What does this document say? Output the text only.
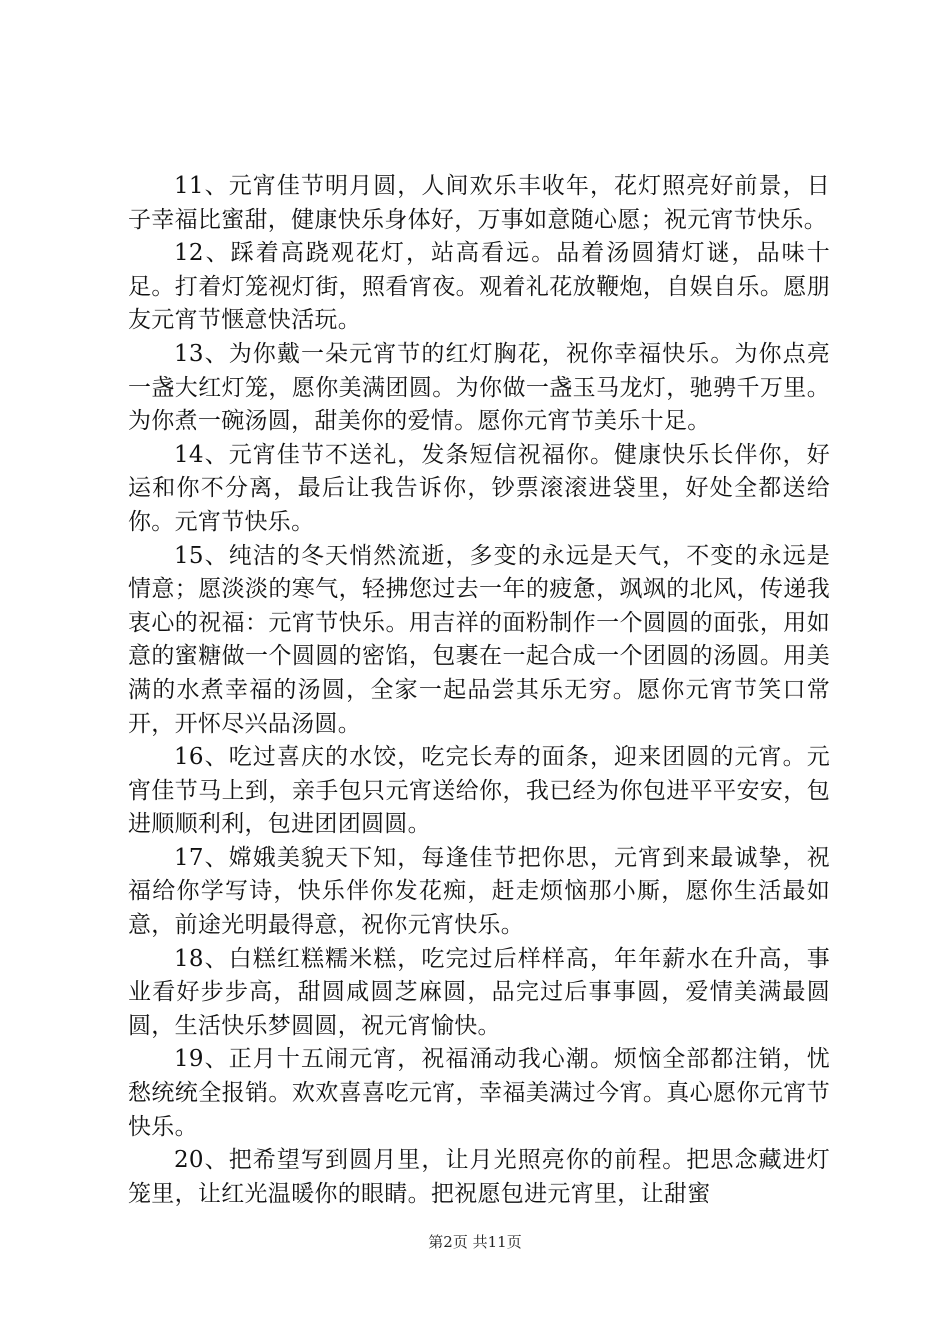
11、元宵佳节明月圆，人间欢乐丰收年，花灯照亮好前景，日子幸福比蜜甜，健康快乐身体好，万事如意随心愿；祝元宵节快乐。

12、踩着高跷观花灯，站高看远。品着汤圆猜灯谜，品味十足。打着灯笼视灯街，照看宵夜。观着礼花放鞭炮，自娱自乐。愿朋友元宵节惬意快活玩。

13、为你戴一朵元宵节的红灯胸花，祝你幸福快乐。为你点亮一盏大红灯笼，愿你美满团圆。为你做一盏玉马龙灯，驰骋千万里。为你煮一碗汤圆，甜美你的爱情。愿你元宵节美乐十足。

14、元宵佳节不送礼，发条短信祝福你。健康快乐长伴你，好运和你不分离，最后让我告诉你，钞票滚滚进袋里，好处全都送给你。元宵节快乐。

15、纯洁的冬天悄然流逝，多变的永远是天气，不变的永远是情意；愿淡淡的寒气，轻拂您过去一年的疲惫，飒飒的北风，传递我衷心的祝福：元宵节快乐。用吉祥的面粉制作一个圆圆的面张，用如意的蜜糖做一个圆圆的密馅，包裹在一起合成一个团圆的汤圆。用美满的水煮幸福的汤圆，全家一起品尝其乐无穷。愿你元宵节笑口常开，开怀尽兴品汤圆。

16、吃过喜庆的水饺，吃完长寿的面条，迎来团圆的元宵。元宵佳节马上到，亲手包只元宵送给你，我已经为你包进平平安安，包进顺顺利利，包进团团圆圆。

17、嫦娥美貌天下知，每逢佳节把你思，元宵到来最诚挚，祝福给你学写诗，快乐伴你发花痴，赶走烦恼那小厮，愿你生活最如意，前途光明最得意，祝你元宵快乐。

18、白糕红糕糯米糕，吃完过后样样高，年年薪水在升高，事业看好步步高，甜圆咸圆芝麻圆，品完过后事事圆，爱情美满最圆圆，生活快乐梦圆圆，祝元宵愉快。

19、正月十五闹元宵，祝福涌动我心潮。烦恼全部都注销，忧愁统统全报销。欢欢喜喜吃元宵，幸福美满过今宵。真心愿你元宵节快乐。

20、把希望写到圆月里，让月光照亮你的前程。把思念藏进灯笼里，让红光温暖你的眼睛。把祝愿包进元宵里，让甜蜜

第2页 共11页
